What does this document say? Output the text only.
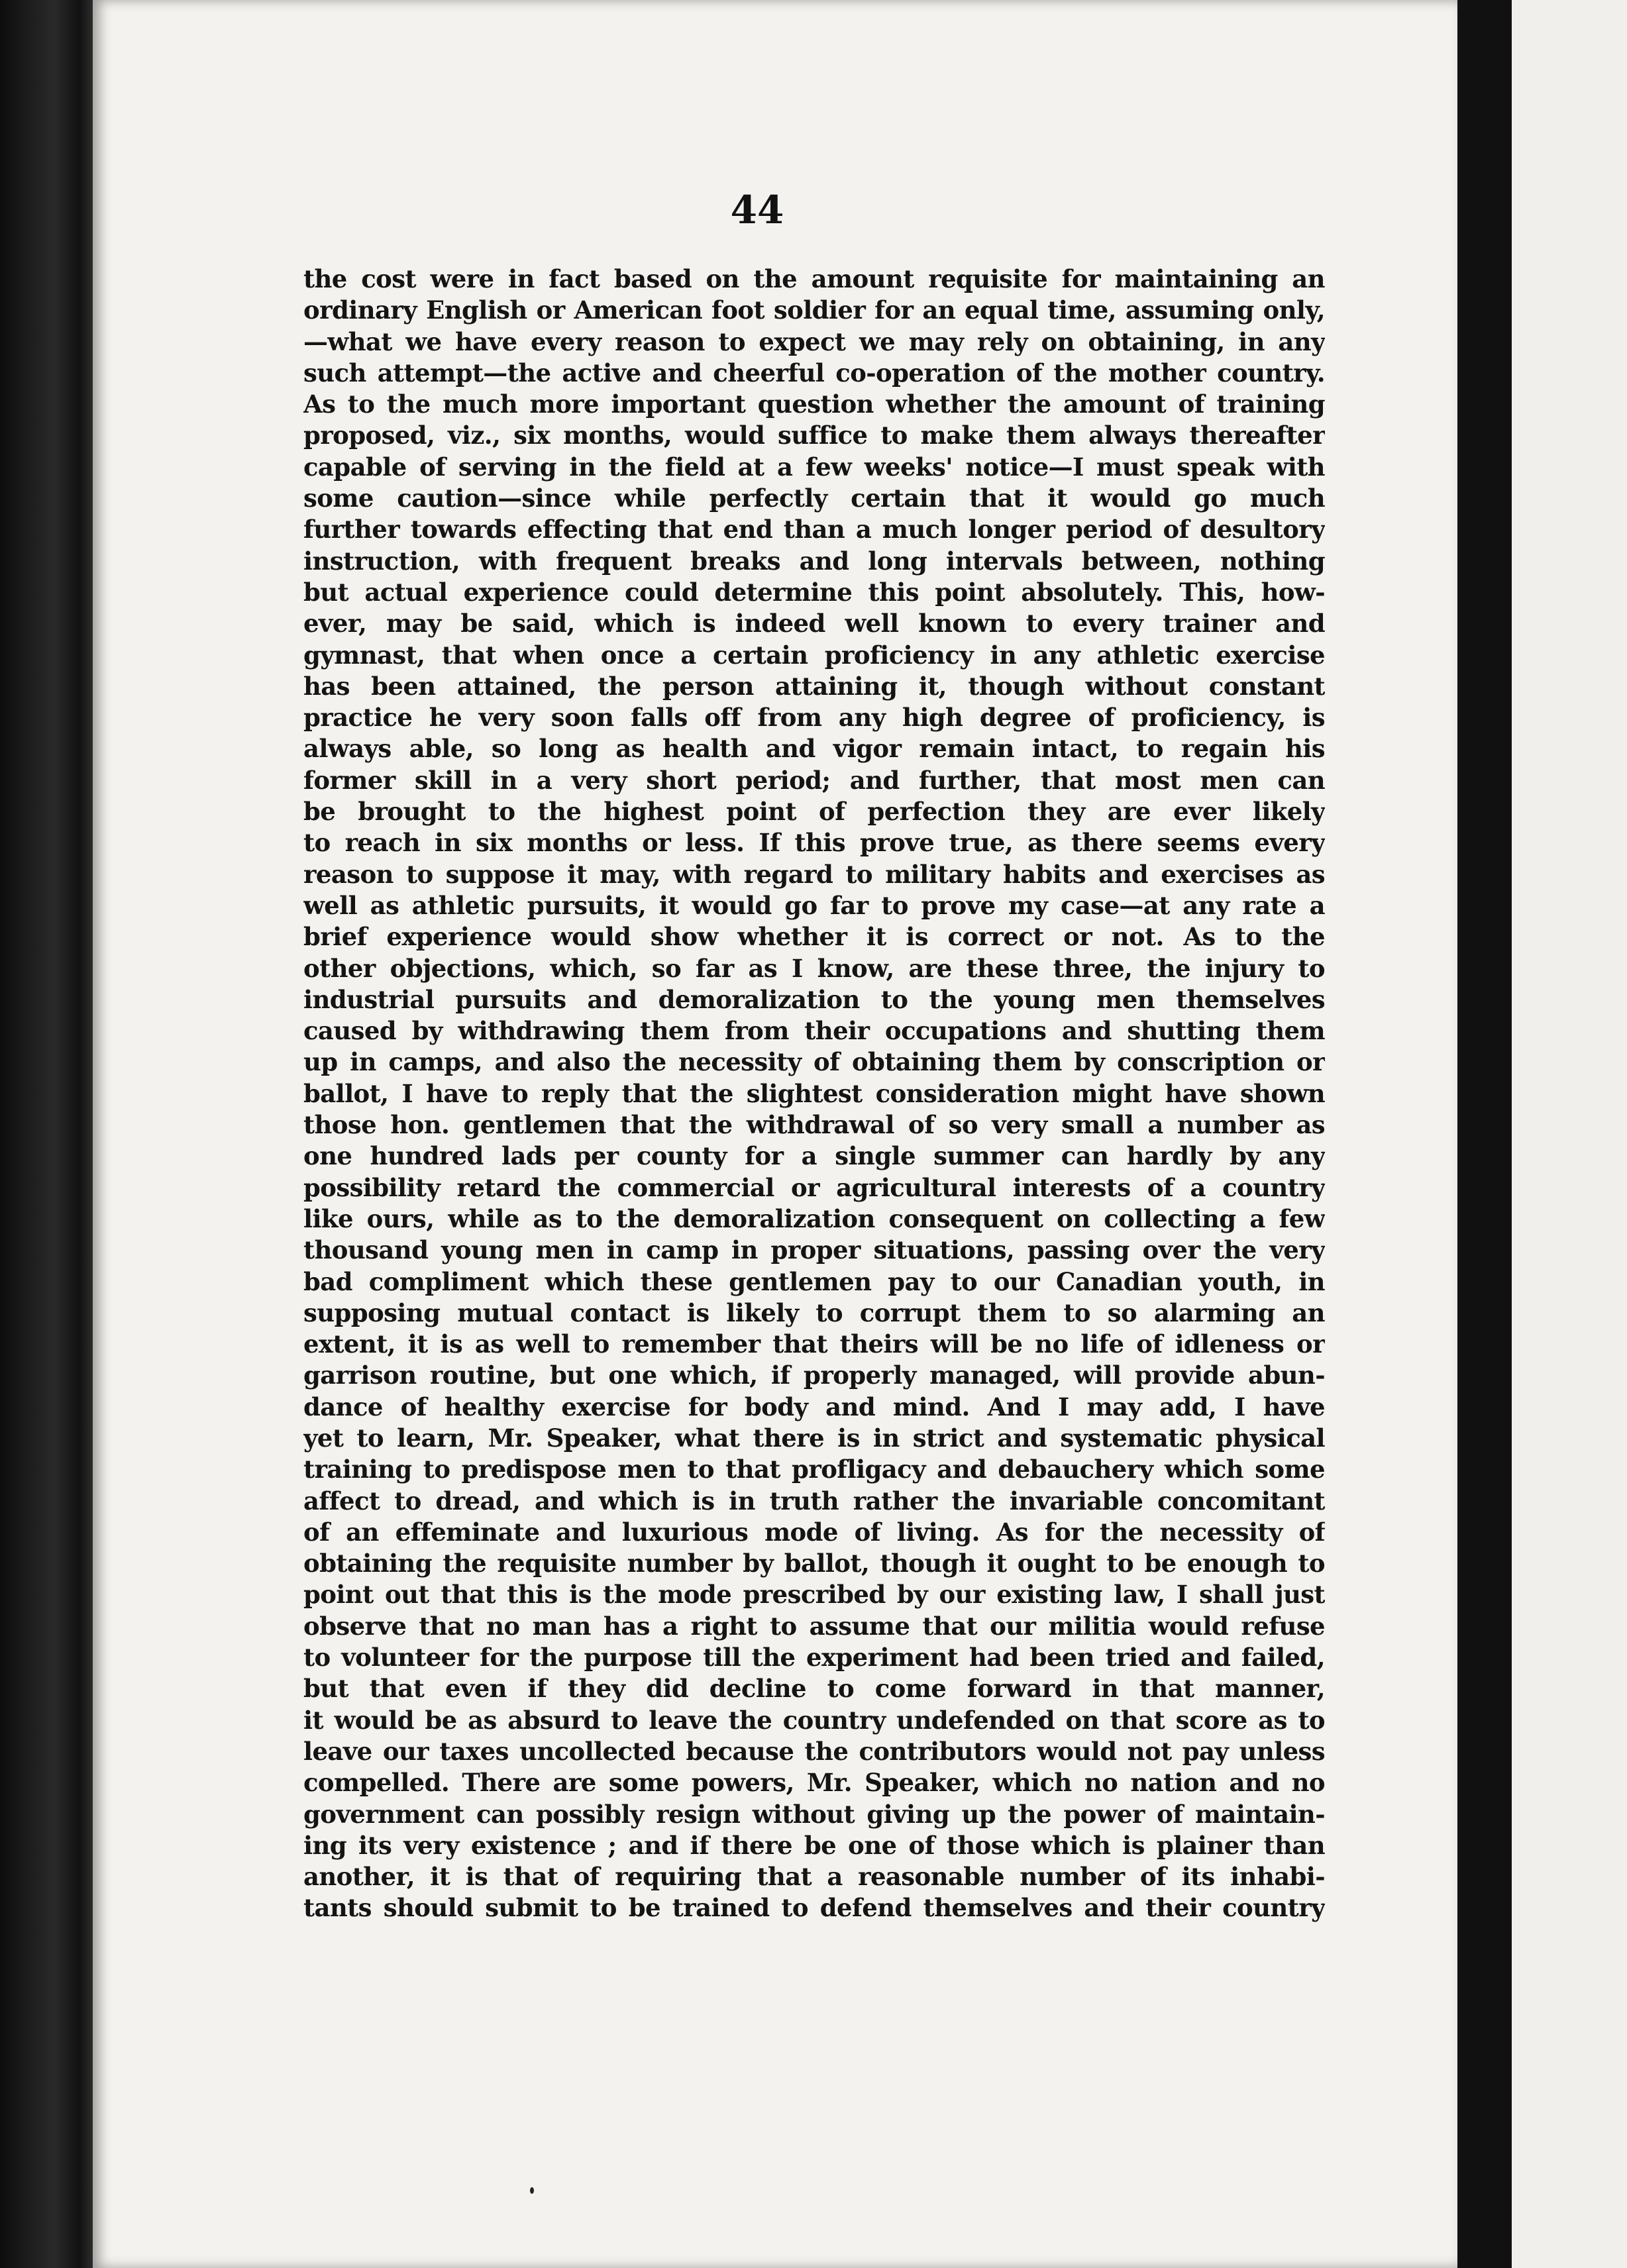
44
the cost were in fact based on the amount requisite for maintaining an
ordinary English or American foot soldier for an equal time, assuming only,
—what we have every reason to expect we may rely on obtaining, in any
such attempt—the active and cheerful co-operation of the mother country.
As to the much more important question whether the amount of training
proposed, viz., six months, would suffice to make them always thereafter
capable of serving in the field at a few weeks' notice—I must speak with
some caution—since while perfectly certain that it would go much
further towards effecting that end than a much longer period of desultory
instruction, with frequent breaks and long intervals between, nothing
but actual experience could determine this point absolutely. This, how-
ever, may be said, which is indeed well known to every trainer and
gymnast, that when once a certain proficiency in any athletic exercise
has been attained, the person attaining it, though without constant
practice he very soon falls off from any high degree of proficiency, is
always able, so long as health and vigor remain intact, to regain his
former skill in a very short period; and further, that most men can
be brought to the highest point of perfection they are ever likely
to reach in six months or less. If this prove true, as there seems every
reason to suppose it may, with regard to military habits and exercises as
well as athletic pursuits, it would go far to prove my case—at any rate a
brief experience would show whether it is correct or not. As to the
other objections, which, so far as I know, are these three, the injury to
industrial pursuits and demoralization to the young men themselves
caused by withdrawing them from their occupations and shutting them
up in camps, and also the necessity of obtaining them by conscription or
ballot, I have to reply that the slightest consideration might have shown
those hon. gentlemen that the withdrawal of so very small a number as
one hundred lads per county for a single summer can hardly by any
possibility retard the commercial or agricultural interests of a country
like ours, while as to the demoralization consequent on collecting a few
thousand young men in camp in proper situations, passing over the very
bad compliment which these gentlemen pay to our Canadian youth, in
supposing mutual contact is likely to corrupt them to so alarming an
extent, it is as well to remember that theirs will be no life of idleness or
garrison routine, but one which, if properly managed, will provide abun-
dance of healthy exercise for body and mind. And I may add, I have
yet to learn, Mr. Speaker, what there is in strict and systematic physical
training to predispose men to that profligacy and debauchery which some
affect to dread, and which is in truth rather the invariable concomitant
of an effeminate and luxurious mode of living. As for the necessity of
obtaining the requisite number by ballot, though it ought to be enough to
point out that this is the mode prescribed by our existing law, I shall just
observe that no man has a right to assume that our militia would refuse
to volunteer for the purpose till the experiment had been tried and failed,
but that even if they did decline to come forward in that manner,
it would be as absurd to leave the country undefended on that score as to
leave our taxes uncollected because the contributors would not pay unless
compelled. There are some powers, Mr. Speaker, which no nation and no
government can possibly resign without giving up the power of maintain-
ing its very existence ; and if there be one of those which is plainer than
another, it is that of requiring that a reasonable number of its inhabi-
tants should submit to be trained to defend themselves and their country
